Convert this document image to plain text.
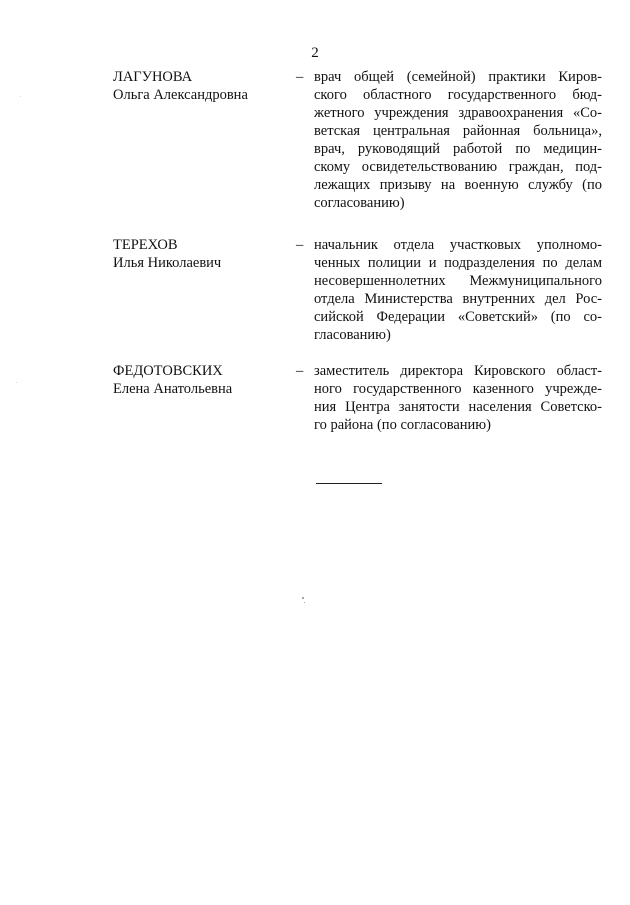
2
ЛАГУНОВА
Ольга Александровна
– врач общей (семейной) практики Киров-
ского областного государственного бюд-
жетного учреждения здравоохранения «Со-
ветская центральная районная больница»,
врач, руководящий работой по медицин-
скому освидетельствованию граждан, под-
лежащих призыву на военную службу (по
согласованию)
ТЕРЕХОВ
Илья Николаевич
– начальник отдела участковых уполномо-
ченных полиции и подразделения по делам
несовершеннолетних Межмуниципального
отдела Министерства внутренних дел Рос-
сийской Федерации «Советский» (по со-
гласованию)
ФЕДОТОВСКИХ
Елена Анатольевна
– заместитель директора Кировского област-
ного государственного казенного учрежде-
ния Центра занятости населения Советско-
го района (по согласованию)
